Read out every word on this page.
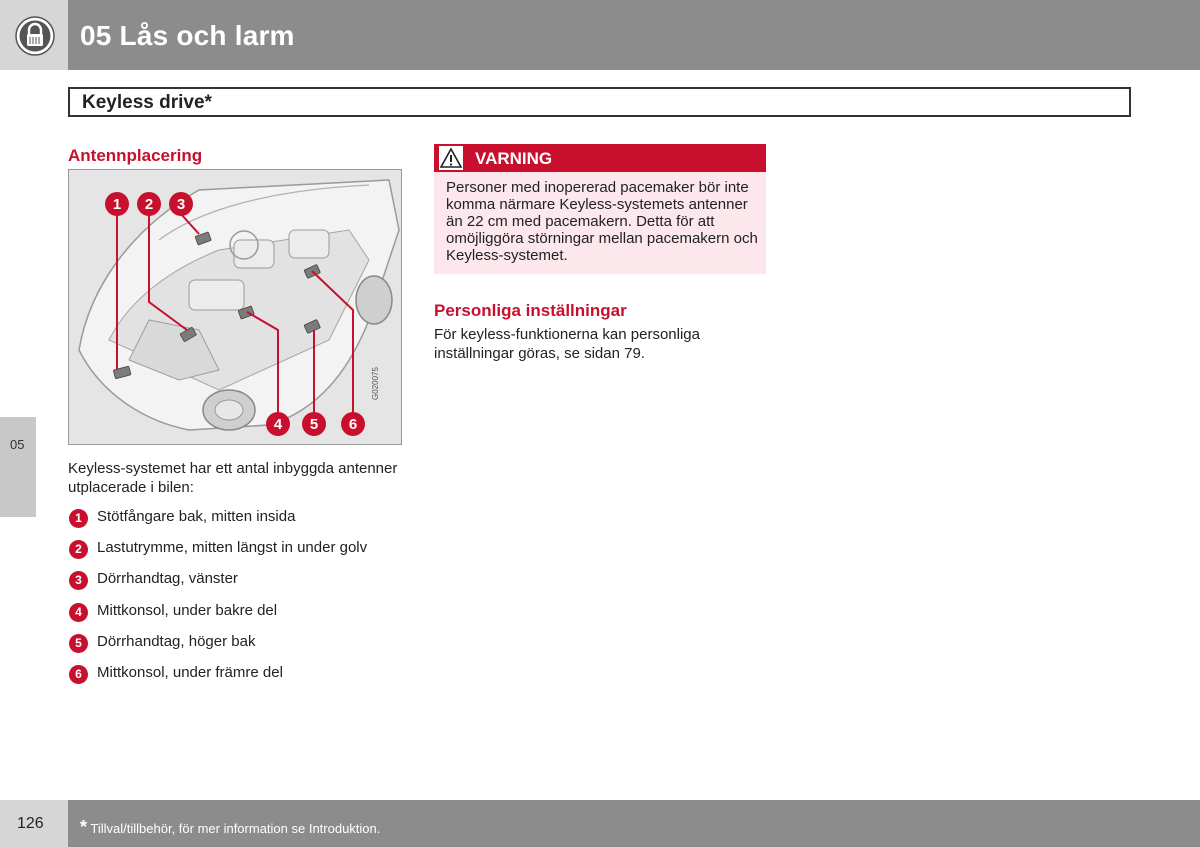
05 Lås och larm
Keyless drive*
05
Antennplacering
1 2 3
4 5 6
G020075
Keyless-systemet har ett antal inbyggda antenner utplacerade i bilen:
1	Stötfångare bak, mitten insida
2	Lastutrymme, mitten längst in under golv
3	Dörrhandtag, vänster
4	Mittkonsol, under bakre del
5	Dörrhandtag, höger bak
6	Mittkonsol, under främre del
VARNING
Personer med inopererad pacemaker bör inte komma närmare Keyless-systemets antenner än 22 cm med pacemakern. Detta för att omöjliggöra störningar mellan pacemakern och Keyless-systemet.
Personliga inställningar
För keyless-funktionerna kan personliga inställningar göras, se sidan 79.
126 * Tillval/tillbehör, för mer information se Introduktion.
